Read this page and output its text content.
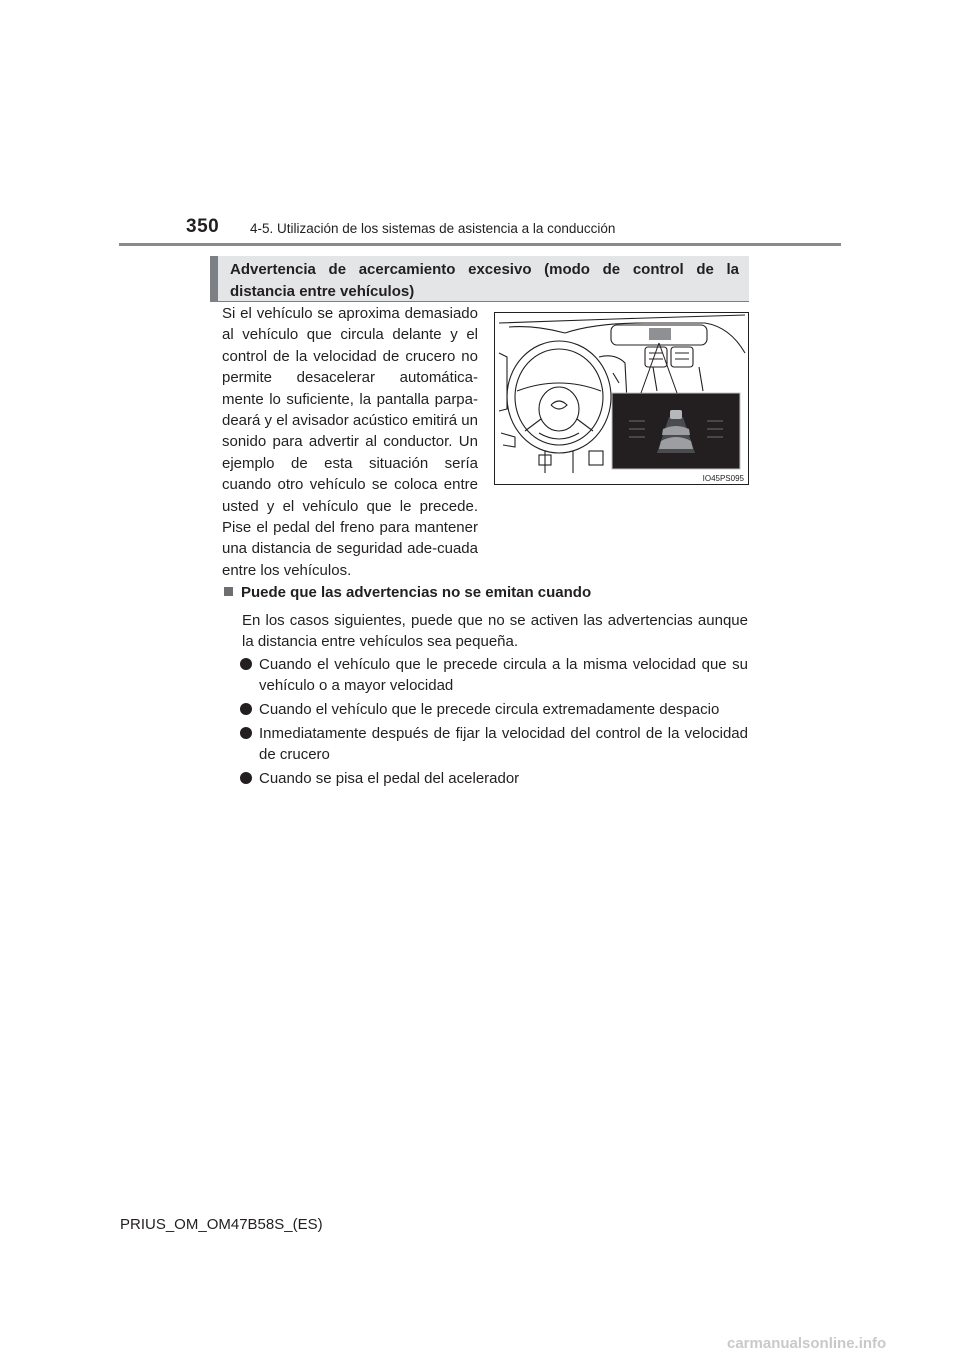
350 4-5. Utilización de los sistemas de asistencia a la conducción
Advertencia de acercamiento excesivo (modo de control de la distancia entre vehículos)
Si el vehículo se aproxima demasiado al vehículo que circula delante y el control de la velocidad de crucero no permite desacelerar automática-mente lo suficiente, la pantalla parpa-deará y el avisador acústico emitirá un sonido para advertir al conductor. Un ejemplo de esta situación sería cuando otro vehículo se coloca entre usted y el vehículo que le precede. Pise el pedal del freno para mantener una distancia de seguridad ade-cuada entre los vehículos.
IO45PS095
Puede que las advertencias no se emitan cuando
En los casos siguientes, puede que no se activen las advertencias aunque la distancia entre vehículos sea pequeña.
Cuando el vehículo que le precede circula a la misma velocidad que su vehículo o a mayor velocidad
Cuando el vehículo que le precede circula extremadamente despacio
Inmediatamente después de fijar la velocidad del control de la velocidad de crucero
Cuando se pisa el pedal del acelerador
PRIUS_OM_OM47B58S_(ES)
carmanualsonline.info
